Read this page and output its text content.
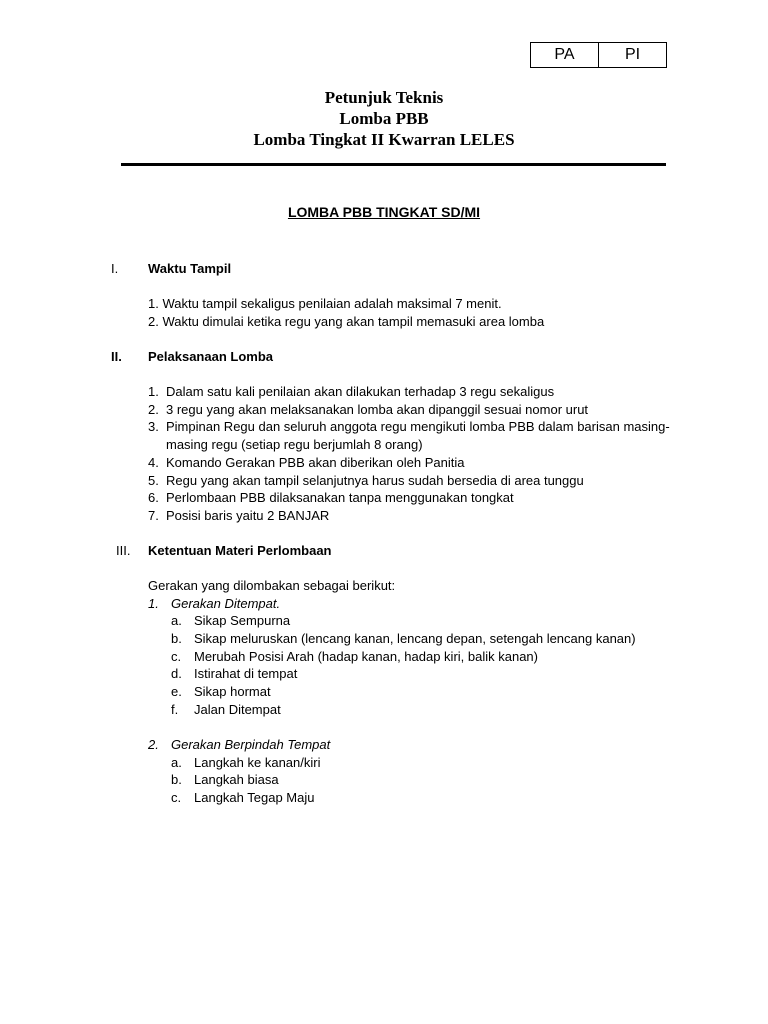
PA	PI
Petunjuk Teknis
Lomba PBB
Lomba Tingkat II Kwarran LELES
LOMBA PBB TINGKAT SD/MI
I. Waktu Tampil
1. Waktu tampil sekaligus penilaian adalah maksimal 7 menit.
2. Waktu dimulai ketika regu yang akan tampil memasuki area lomba
II. Pelaksanaan Lomba
1. Dalam satu kali penilaian akan dilakukan terhadap 3 regu sekaligus
2. 3 regu yang akan melaksanakan lomba akan dipanggil sesuai nomor urut
3. Pimpinan Regu dan seluruh anggota regu mengikuti lomba PBB dalam barisan masing-
masing regu (setiap regu berjumlah 8 orang)
4. Komando Gerakan PBB akan diberikan oleh Panitia
5. Regu yang akan tampil selanjutnya harus sudah bersedia di area tunggu
6. Perlombaan PBB dilaksanakan tanpa menggunakan tongkat
7. Posisi baris yaitu 2 BANJAR
III. Ketentuan Materi Perlombaan
Gerakan yang dilombakan sebagai berikut:
1. Gerakan Ditempat.
a. Sikap Sempurna
b. Sikap meluruskan (lencang kanan, lencang depan, setengah lencang kanan)
c. Merubah Posisi Arah (hadap kanan, hadap kiri, balik kanan)
d. Istirahat di tempat
e. Sikap hormat
f. Jalan Ditempat
2. Gerakan Berpindah Tempat
a. Langkah ke kanan/kiri
b. Langkah biasa
c. Langkah Tegap Maju
